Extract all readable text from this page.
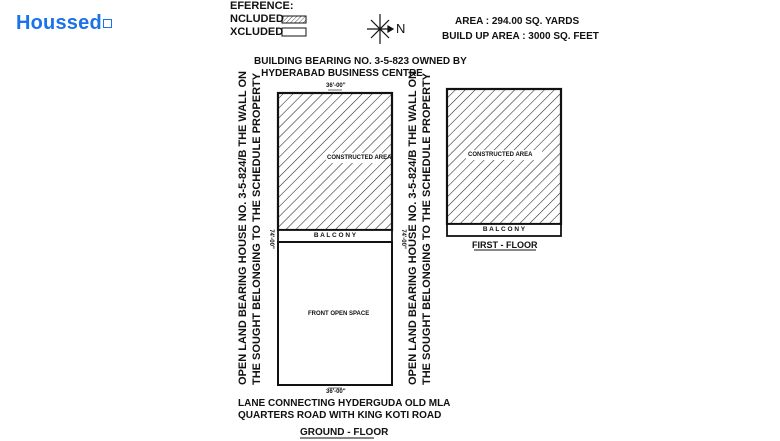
Houssed
EFERENCE:
NCLUDED
XCLUDED	N	AREA : 294.00 SQ. YARDS
BUILD UP AREA : 3000 SQ. FEET
BUILDING BEARING NO. 3-5-823 OWNED BY
HYDERABAD BUSINESS CENTRE
36'-00"
36'-00"
74'-00"	74'-00"
CONSTRUCTED AREA
B A L C O N Y
FRONT OPEN SPACE
CONSTRUCTED AREA
B A L C O N Y
FIRST - FLOOR
OPEN LAND BEARING HOUSE NO. 3-5-824/B THE WALL ON THE SOUGHT BELONGING TO THE SCHEDULE PROPERTY	OPEN LAND BEARING HOUSE NO. 3-5-824/B THE WALL ON THE SOUGHT BELONGING TO THE SCHEDULE PROPERTY
LANE CONNECTING HYDERGUDA OLD MLA
QUARTERS ROAD WITH KING KOTI ROAD
GROUND - FLOOR
